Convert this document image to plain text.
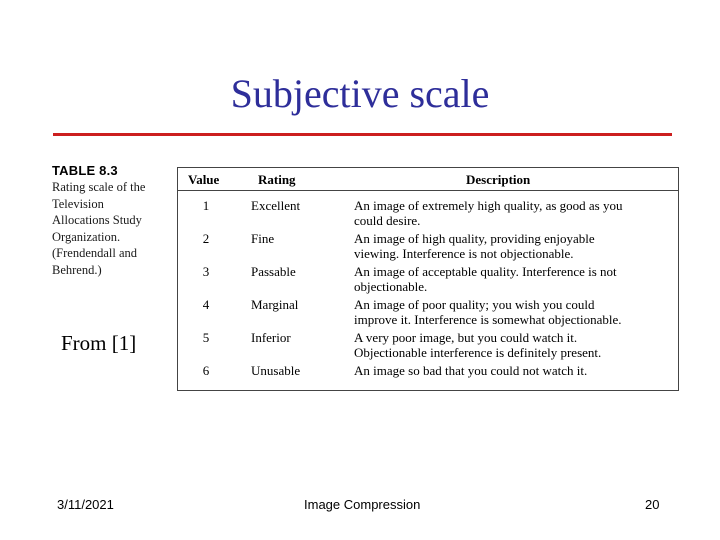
Subjective scale
TABLE 8.3
Rating scale of the
Television
Allocations Study
Organization.
(Frendendall and
Behrend.)
From [1]
Value	Rating	Description
1	Excellent	An image of extremely high quality, as good as you
could desire.
2	Fine	An image of high quality, providing enjoyable
viewing. Interference is not objectionable.
3	Passable	An image of acceptable quality. Interference is not
objectionable.
4	Marginal	An image of poor quality; you wish you could
improve it. Interference is somewhat objectionable.
5	Inferior	A very poor image, but you could watch it.
Objectionable interference is definitely present.
6	Unusable	An image so bad that you could not watch it.
3/11/2021	Image Compression	20
